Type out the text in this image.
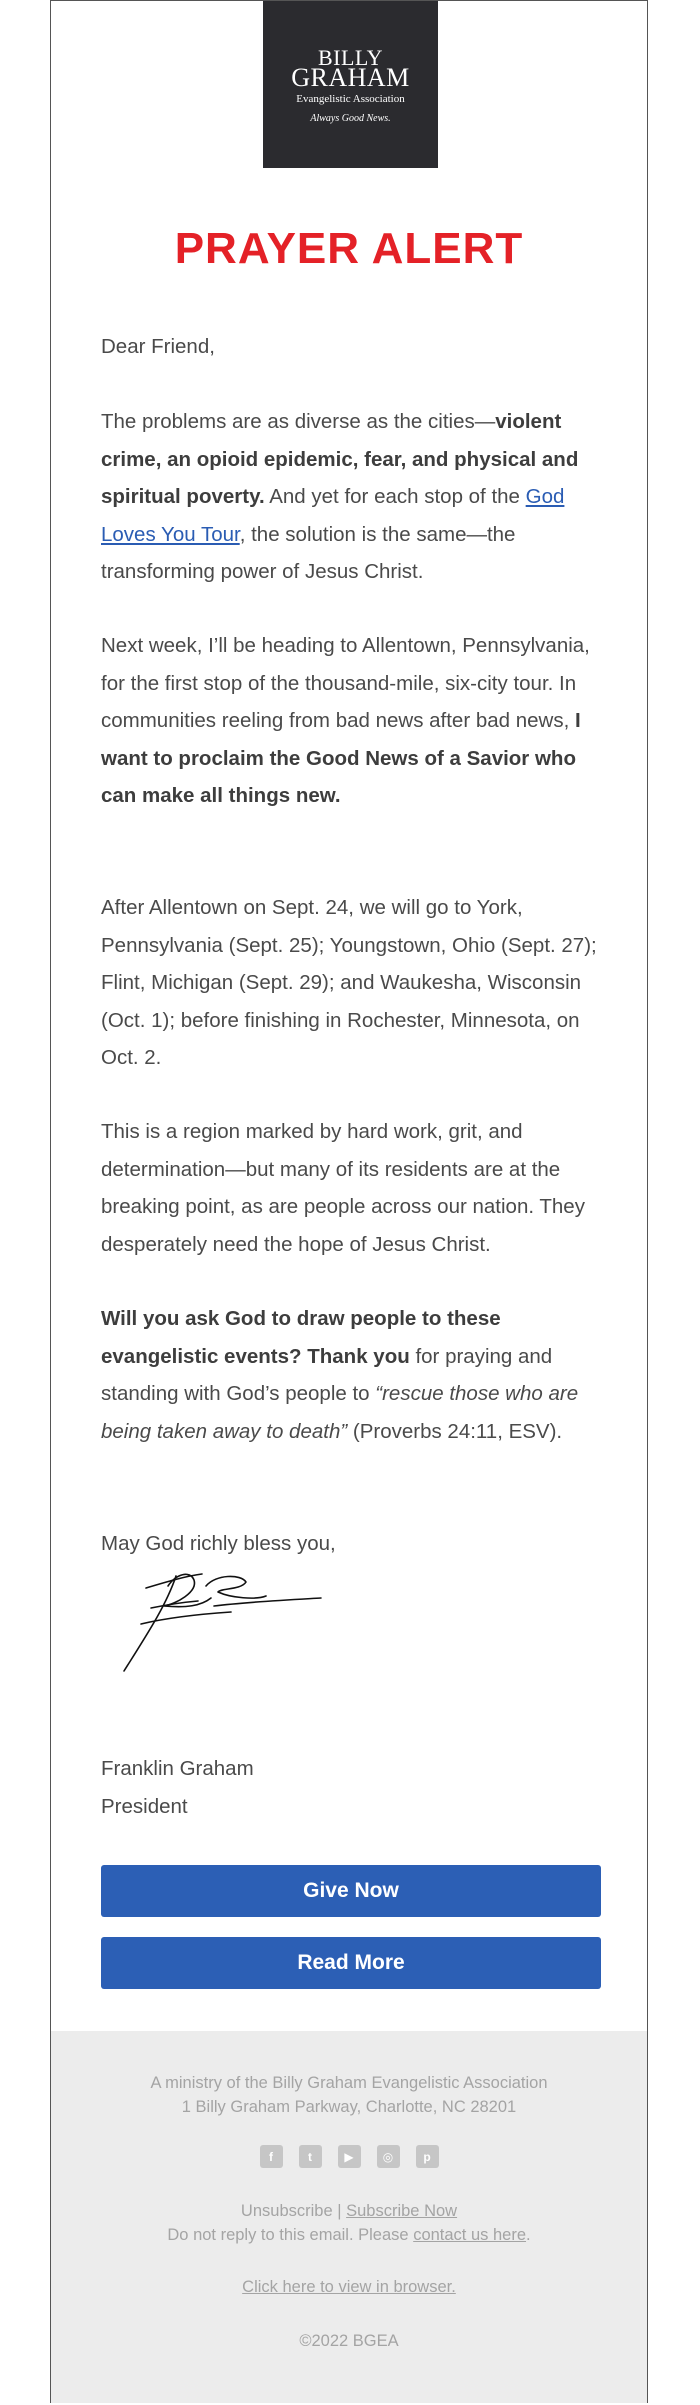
BILLY
GRAHAM
Evangelistic Association
Always Good News.
PRAYER ALERT

Dear Friend,

The problems are as diverse as the cities—violent crime, an opioid epidemic, fear, and physical and spiritual poverty. And yet for each stop of the God Loves You Tour, the solution is the same—the transforming power of Jesus Christ.

Next week, I’ll be heading to Allentown, Pennsylvania, for the first stop of the thousand-mile, six-city tour. In communities reeling from bad news after bad news, I want to proclaim the Good News of a Savior who can make all things new.

After Allentown on Sept. 24, we will go to York, Pennsylvania (Sept. 25); Youngstown, Ohio (Sept. 27); Flint, Michigan (Sept. 29); and Waukesha, Wisconsin (Oct. 1); before finishing in Rochester, Minnesota, on Oct. 2.

This is a region marked by hard work, grit, and determination—but many of its residents are at the breaking point, as are people across our nation. They desperately need the hope of Jesus Christ.

Will you ask God to draw people to these evangelistic events? Thank you for praying and standing with God’s people to “rescue those who are being taken away to death” (Proverbs 24:11, ESV).

May God richly bless you,

Franklin Graham

President

Give Now
Read More
A ministry of the Billy Graham Evangelistic Association
1 Billy Graham Parkway, Charlotte, NC 28201
f	t	▶	◎	p
Unsubscribe | Subscribe Now
Do not reply to this email. Please contact us here.
Click here to view in browser.
©2022 BGEA
